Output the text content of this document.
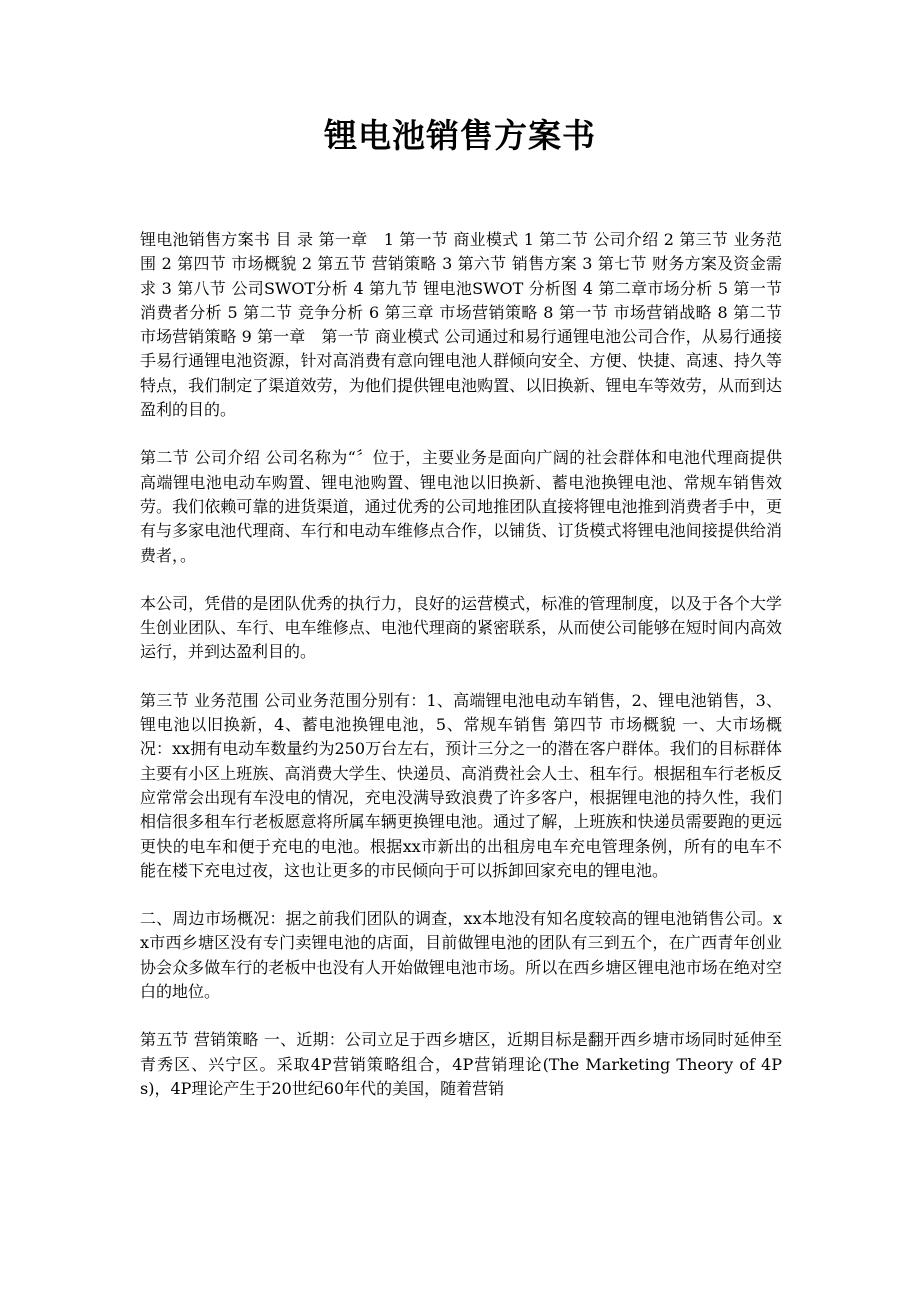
锂电池销售方案书

锂电池销售方案书 目 录 第一章　1 第一节 商业模式 1 第二节 公司介绍 2 第三节 业务范围 2 第四节 市场概貌 2 第五节 营销策略 3 第六节 销售方案 3 第七节 财务方案及资金需求 3 第八节 公司SWOT分析 4 第九节 锂电池SWOT 分析图 4 第二章市场分析 5 第一节 消费者分析 5 第二节 竞争分析 6 第三章 市场营销策略 8 第一节 市场营销战略 8 第二节 市场营销策略 9 第一章　第一节 商业模式 公司通过和易行通锂电池公司合作，从易行通接手易行通锂电池资源，针对高消费有意向锂电池人群倾向安全、方便、快捷、高速、持久等特点，我们制定了渠道效劳，为他们提供锂电池购置、以旧换新、锂电车等效劳，从而到达盈利的目的。

第二节 公司介绍 公司名称为“〞位于，主要业务是面向广阔的社会群体和电池代理商提供高端锂电池电动车购置、锂电池购置、锂电池以旧换新、蓄电池换锂电池、常规车销售效劳。我们依赖可靠的进货渠道，通过优秀的公司地推团队直接将锂电池推到消费者手中，更有与多家电池代理商、车行和电动车维修点合作，以铺货、订货模式将锂电池间接提供给消费者，。

本公司，凭借的是团队优秀的执行力，良好的运营模式，标准的管理制度，以及于各个大学生创业团队、车行、电车维修点、电池代理商的紧密联系，从而使公司能够在短时间内高效运行，并到达盈利目的。

第三节 业务范围 公司业务范围分别有：1、高端锂电池电动车销售，2、锂电池销售，3、锂电池以旧换新，4、蓄电池换锂电池，5、常规车销售 第四节 市场概貌 一、大市场概况：xx拥有电动车数量约为250万台左右，预计三分之一的潜在客户群体。我们的目标群体主要有小区上班族、高消费大学生、快递员、高消费社会人士、租车行。根据租车行老板反应常常会出现有车没电的情况，充电没满导致浪费了许多客户，根据锂电池的持久性，我们相信很多租车行老板愿意将所属车辆更换锂电池。通过了解，上班族和快递员需要跑的更远更快的电车和便于充电的电池。根据xx市新出的出租房电车充电管理条例，所有的电车不能在楼下充电过夜，这也让更多的市民倾向于可以拆卸回家充电的锂电池。

二、周边市场概况：据之前我们团队的调查，xx本地没有知名度较高的锂电池销售公司。xx市西乡塘区没有专门卖锂电池的店面，目前做锂电池的团队有三到五个，在广西青年创业协会众多做车行的老板中也没有人开始做锂电池市场。所以在西乡塘区锂电池市场在绝对空白的地位。

第五节 营销策略 一、近期：公司立足于西乡塘区，近期目标是翻开西乡塘市场同时延伸至青秀区、兴宁区。采取4P营销策略组合，4P营销理论(The Marketing Theory of 4Ps)，4P理论产生于20世纪60年代的美国，随着营销
